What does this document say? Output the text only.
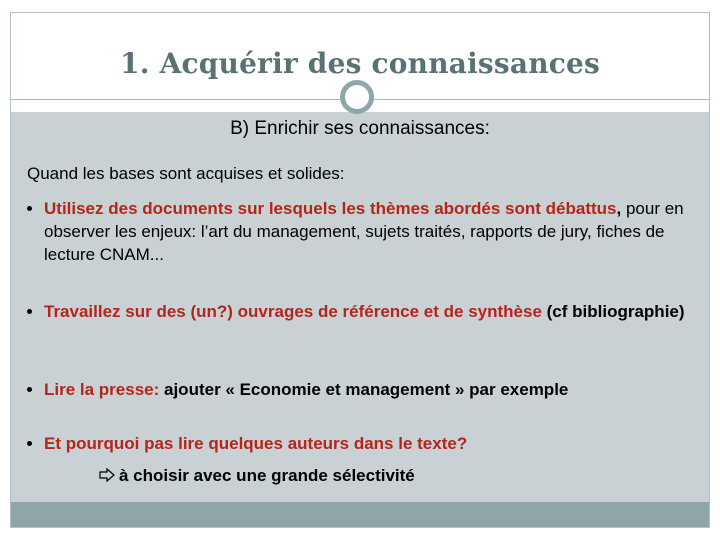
1. Acquérir des connaissances
B) Enrichir ses connaissances:
Quand les bases sont acquises et solides:
Utilisez des documents sur lesquels les thèmes abordés sont débattus, pour en observer les enjeux: l’art du management, sujets traités, rapports de jury, fiches de lecture CNAM...
Travaillez sur des (un?) ouvrages de référence et de synthèse (cf bibliographie)
Lire la presse: ajouter « Economie et management » par exemple
Et pourquoi pas lire quelques auteurs dans le texte?
à choisir avec une grande sélectivité
